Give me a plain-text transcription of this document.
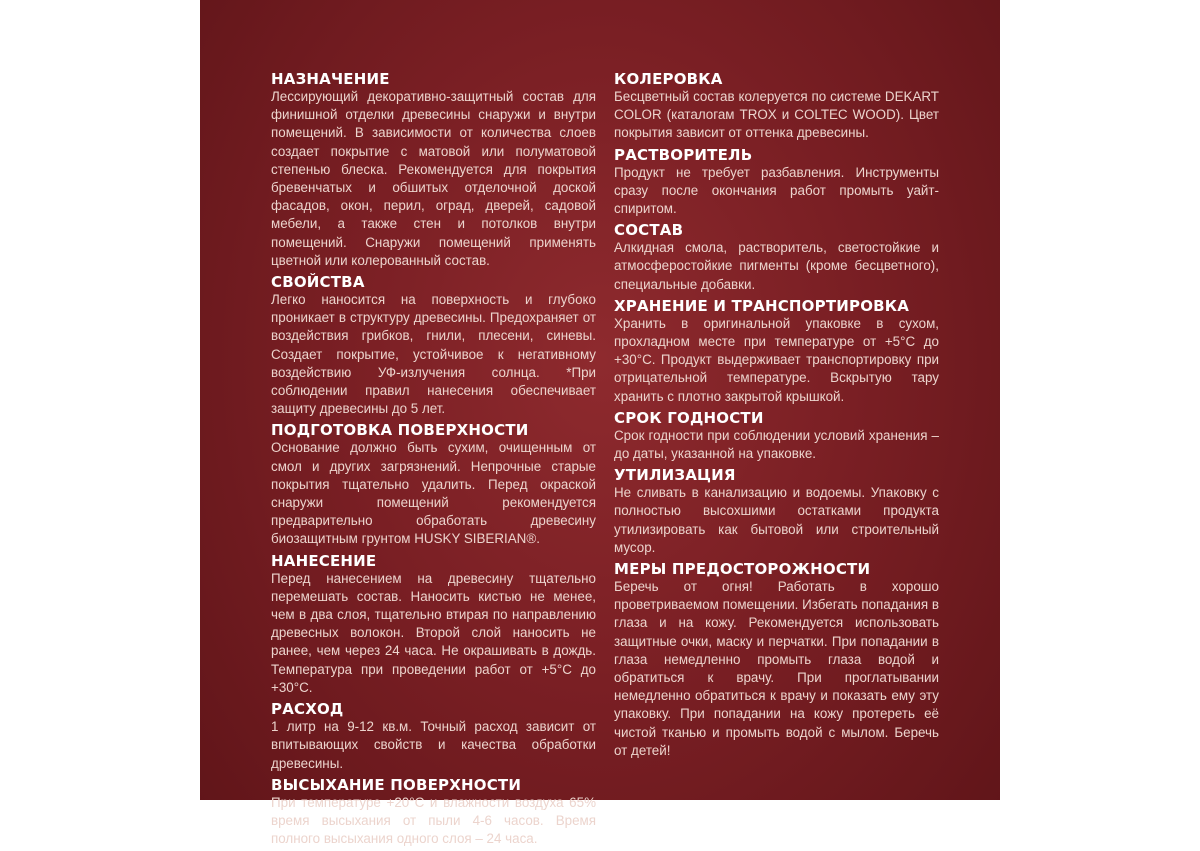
НАЗНАЧЕНИЕ

Лессирующий декоративно-защитный состав для финишной отделки древесины снаружи и внутри помещений. В зависимости от количества слоев создает покрытие с матовой или полуматовой степенью блеска. Рекомендуется для покрытия бревенчатых и обшитых отделочной доской фасадов, окон, перил, оград, дверей, садовой мебели, а также стен и потолков внутри помещений. Снаружи помещений применять цветной или колерованный состав.

СВОЙСТВА

Легко наносится на поверхность и глубоко проникает в структуру древесины. Предохраняет от воздействия грибков, гнили, плесени, синевы. Создает покрытие, устойчивое к негативному воздействию УФ-излучения солнца. *При соблюдении правил нанесения обеспечивает защиту древесины до 5 лет.

ПОДГОТОВКА ПОВЕРХНОСТИ

Основание должно быть сухим, очищенным от смол и других загрязнений. Непрочные старые покрытия тщательно удалить. Перед окраской снаружи помещений рекомендуется предварительно обработать древесину биозащитным грунтом HUSKY SIBERIAN®.

НАНЕСЕНИЕ

Перед нанесением на древесину тщательно перемешать состав. Наносить кистью не менее, чем в два слоя, тщательно втирая по направлению древесных волокон. Второй слой наносить не ранее, чем через 24 часа. Не окрашивать в дождь. Температура при проведении работ от +5°С до +30°С.

РАСХОД

1 литр на 9-12 кв.м. Точный расход зависит от впитывающих свойств и качества обработки древесины.

ВЫСЫХАНИЕ ПОВЕРХНОСТИ

При температуре +20°С и влажности воздуха 65% время высыхания от пыли 4-6 часов. Время полного высыхания одного слоя – 24 часа.

КОЛЕРОВКА

Бесцветный состав колеруется по системе DEKART COLOR (каталогам TROX и COLTEC WOOD). Цвет покрытия зависит от оттенка древесины.

РАСТВОРИТЕЛЬ

Продукт не требует разбавления. Инструменты сразу после окончания работ промыть уайт-спиритом.

СОСТАВ

Алкидная смола, растворитель, светостойкие и атмосферостойкие пигменты (кроме бесцветного), специальные добавки.

ХРАНЕНИЕ И ТРАНСПОРТИРОВКА

Хранить в оригинальной упаковке в сухом, прохладном месте при температуре от +5°С до +30°С. Продукт выдерживает транспортировку при отрицательной температуре. Вскрытую тару хранить с плотно закрытой крышкой.

СРОК ГОДНОСТИ

Срок годности при соблюдении условий хранения – до даты, указанной на упаковке.

УТИЛИЗАЦИЯ

Не сливать в канализацию и водоемы. Упаковку с полностью высохшими остатками продукта утилизировать как бытовой или строительный мусор.

МЕРЫ ПРЕДОСТОРОЖНОСТИ

Беречь от огня! Работать в хорошо проветриваемом помещении. Избегать попадания в глаза и на кожу. Рекомендуется использовать защитные очки, маску и перчатки. При попадании в глаза немедленно промыть глаза водой и обратиться к врачу. При проглатывании немедленно обратиться к врачу и показать ему эту упаковку. При попадании на кожу протереть её чистой тканью и промыть водой с мылом. Беречь от детей!
